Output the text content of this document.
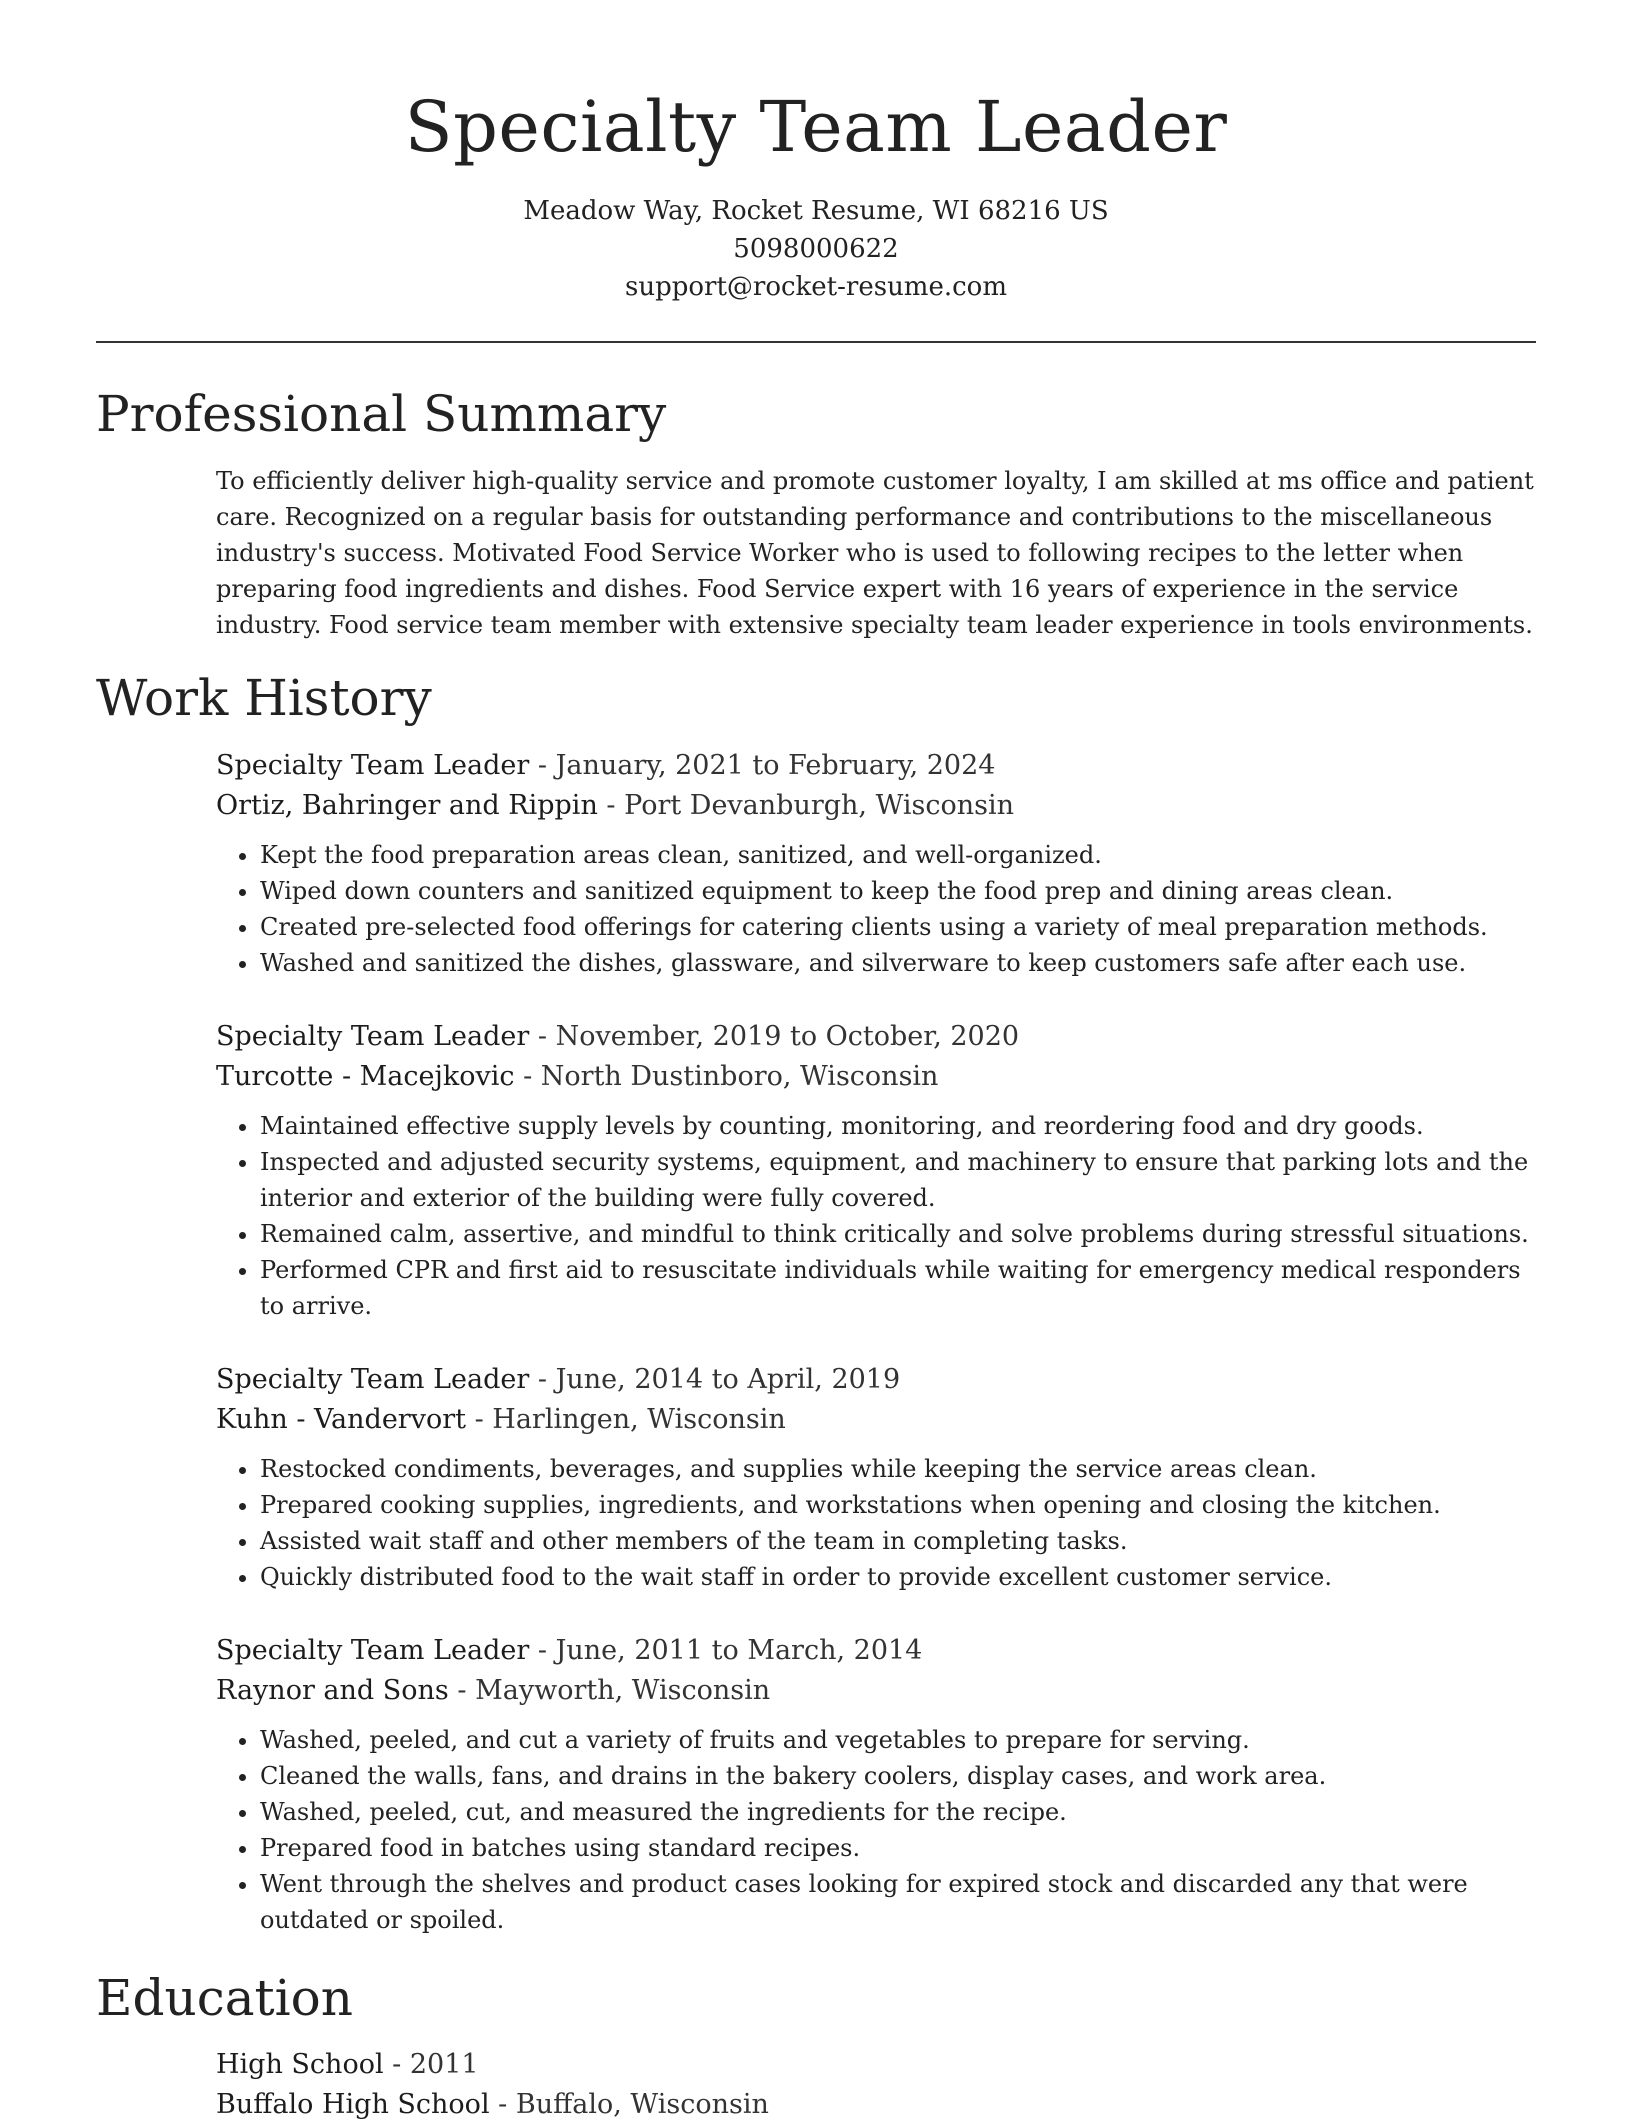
Specialty Team Leader
Meadow Way, Rocket Resume, WI 68216 US
5098000622
support@rocket-resume.com
Professional Summary
To efficiently deliver high-quality service and promote customer loyalty, I am skilled at ms office and patient care. Recognized on a regular basis for outstanding performance and contributions to the miscellaneous industry's success. Motivated Food Service Worker who is used to following recipes to the letter when preparing food ingredients and dishes. Food Service expert with 16 years of experience in the service industry. Food service team member with extensive specialty team leader experience in tools environments.
Work History
Specialty Team Leader - January, 2021 to February, 2024
Ortiz, Bahringer and Rippin - Port Devanburgh, Wisconsin
• Kept the food preparation areas clean, sanitized, and well-organized.
• Wiped down counters and sanitized equipment to keep the food prep and dining areas clean.
• Created pre-selected food offerings for catering clients using a variety of meal preparation methods.
• Washed and sanitized the dishes, glassware, and silverware to keep customers safe after each use.
Specialty Team Leader - November, 2019 to October, 2020
Turcotte - Macejkovic - North Dustinboro, Wisconsin
• Maintained effective supply levels by counting, monitoring, and reordering food and dry goods.
• Inspected and adjusted security systems, equipment, and machinery to ensure that parking lots and the interior and exterior of the building were fully covered.
• Remained calm, assertive, and mindful to think critically and solve problems during stressful situations.
• Performed CPR and first aid to resuscitate individuals while waiting for emergency medical responders to arrive.
Specialty Team Leader - June, 2014 to April, 2019
Kuhn - Vandervort - Harlingen, Wisconsin
• Restocked condiments, beverages, and supplies while keeping the service areas clean.
• Prepared cooking supplies, ingredients, and workstations when opening and closing the kitchen.
• Assisted wait staff and other members of the team in completing tasks.
• Quickly distributed food to the wait staff in order to provide excellent customer service.
Specialty Team Leader - June, 2011 to March, 2014
Raynor and Sons - Mayworth, Wisconsin
• Washed, peeled, and cut a variety of fruits and vegetables to prepare for serving.
• Cleaned the walls, fans, and drains in the bakery coolers, display cases, and work area.
• Washed, peeled, cut, and measured the ingredients for the recipe.
• Prepared food in batches using standard recipes.
• Went through the shelves and product cases looking for expired stock and discarded any that were outdated or spoiled.
Education
High School - 2011
Buffalo High School - Buffalo, Wisconsin
